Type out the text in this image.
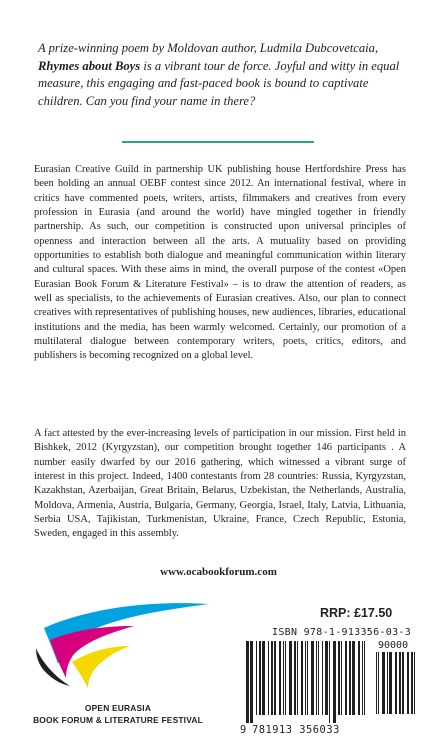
A prize-winning poem by Moldovan author, Ludmila Dubcovetcaia, Rhymes about Boys is a vibrant tour de force. Joyful and witty in equal measure, this engaging and fast-paced book is bound to captivate children. Can you find your name in there?

Eurasian Creative Guild in partnership UK publishing house Hertfordshire Press has been holding an annual OEBF contest since 2012. An international festival, where in critics have commented poets, writers, artists, filmmakers and creatives from every profession in Eurasia (and around the world) have mingled together in friendly partnership. As such, our competition is constructed upon universal principles of openness and interaction between all the arts. A mutuality based on providing opportunities to establish both dialogue and meaningful communication within literary and cultural spaces. With these aims in mind, the overall purpose of the contest «Open Eurasian Book Forum & Literature Festival» – is to draw the attention of readers, as well as specialists, to the achievements of Eurasian creatives. Also, our plan to connect creatives with representatives of publishing houses, new audiences, libraries, educational institutions and the media, has been warmly welcomed. Certainly, our promotion of a multilateral dialogue between contemporary writers, poets, critics, editors, and publishers is becoming recognized on a global level.

A fact attested by the ever-increasing levels of participation in our mission. First held in Bishkek, 2012 (Kyrgyzstan), our competition brought together 146 participants . A number easily dwarfed by our 2016 gathering, which witnessed a vibrant surge of interest in this project. Indeed, 1400 contestants from 28 countries: Russia, Kyrgyzstan, Kazakhstan, Azerbaijan, Great Britain, Belarus, Uzbekistan, the Netherlands, Australia, Moldova, Armenia, Austria, Bulgaria, Germany, Georgia, Israel, Italy, Latvia, Lithuania, Serbia USA, Tajikistan, Turkmenistan, Ukraine, France, Czech Republic, Estonia, Sweden, engaged in this assembly.

www.ocabookforum.com
OPEN EURASIA
BOOK FORUM & LITERATURE FESTIVAL
RRP: £17.50
ISBN 978-1-913356-03-3
90000
9 781913 356033
